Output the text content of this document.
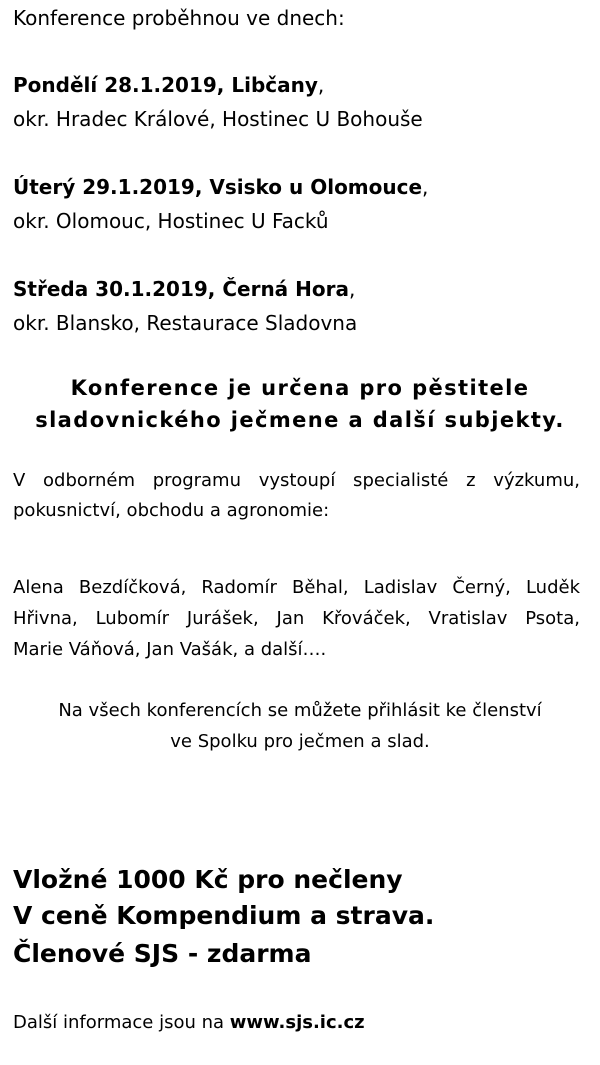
Konference proběhnou ve dnech:
Pondělí 28.1.2019, Libčany,
okr. Hradec Králové, Hostinec U Bohouše
Úterý 29.1.2019, Vsisko u Olomouce,
okr. Olomouc, Hostinec U Facků
Středa 30.1.2019, Černá Hora,
okr. Blansko, Restaurace Sladovna
Konference je určena pro pěstitele
sladovnického ječmene a další subjekty.
V odborném programu vystoupí specialisté z výzkumu,
pokusnictví, obchodu a agronomie:
Alena Bezdíčková, Radomír Běhal, Ladislav Černý, Luděk
Hřivna, Lubomír Jurášek, Jan Křováček, Vratislav Psota,
Marie Váňová, Jan Vašák, a další….
Na všech konferencích se můžete přihlásit ke členství
ve Spolku pro ječmen a slad.
Vložné 1000 Kč pro nečleny
V ceně Kompendium a strava.
Členové SJS - zdarma
Další informace jsou na www.sjs.ic.cz
